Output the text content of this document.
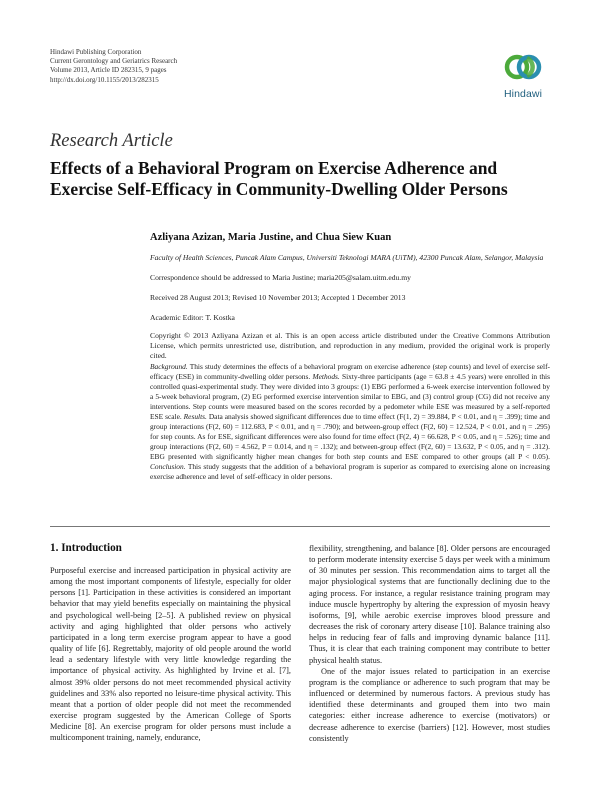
Hindawi Publishing Corporation
Current Gerontology and Geriatrics Research
Volume 2013, Article ID 282315, 9 pages
http://dx.doi.org/10.1155/2013/282315
Hindawi
Research Article
Effects of a Behavioral Program on Exercise Adherence and Exercise Self-Efficacy in Community-Dwelling Older Persons
Azliyana Azizan, Maria Justine, and Chua Siew Kuan
Faculty of Health Sciences, Puncak Alam Campus, Universiti Teknologi MARA (UiTM), 42300 Puncak Alam, Selangor, Malaysia
Correspondence should be addressed to Maria Justine; maria205@salam.uitm.edu.my
Received 28 August 2013; Revised 10 November 2013; Accepted 1 December 2013
Academic Editor: T. Kostka
Copyright © 2013 Azliyana Azizan et al. This is an open access article distributed under the Creative Commons Attribution License, which permits unrestricted use, distribution, and reproduction in any medium, provided the original work is properly cited.
Background. This study determines the effects of a behavioral program on exercise adherence (step counts) and level of exercise self-efficacy (ESE) in community-dwelling older persons. Methods. Sixty-three participants (age = 63.8 ± 4.5 years) were enrolled in this controlled quasi-experimental study. They were divided into 3 groups: (1) EBG performed a 6-week exercise intervention followed by a 5-week behavioral program, (2) EG performed exercise intervention similar to EBG, and (3) control group (CG) did not receive any interventions. Step counts were measured based on the scores recorded by a pedometer while ESE was measured by a self-reported ESE scale. Results. Data analysis showed significant differences due to time effect (F(1, 2) = 39.884, P < 0.01, and η = .399); time and group interactions (F(2, 60) = 112.683, P < 0.01, and η = .790); and between-group effect (F(2, 60) = 12.524, P < 0.01, and η = .295) for step counts. As for ESE, significant differences were also found for time effect (F(2, 4) = 66.628, P < 0.05, and η = .526); time and group interactions (F(2, 60) = 4.562, P = 0.014, and η = .132); and between-group effect (F(2, 60) = 13.632, P < 0.05, and η = .312). EBG presented with significantly higher mean changes for both step counts and ESE compared to other groups (all P < 0.05). Conclusion. This study suggests that the addition of a behavioral program is superior as compared to exercising alone on increasing exercise adherence and level of self-efficacy in older persons.
1. Introduction

Purposeful exercise and increased participation in physical activity are among the most important components of lifestyle, especially for older persons [1]. Participation in these activities is considered an important behavior that may yield benefits especially on maintaining the physical and psychological well-being [2–5]. A published review on physical activity and aging highlighted that older persons who actively participated in a long term exercise program appear to have a good quality of life [6]. Regrettably, majority of old people around the world lead a sedentary lifestyle with very little knowledge regarding the importance of physical activity. As highlighted by Irvine et al. [7], almost 39% older persons do not meet recommended physical activity guidelines and 33% also reported no leisure-time physical activity. This meant that a portion of older people did not meet the recommended exercise program suggested by the American College of Sports Medicine [8]. An exercise program for older persons must include a multicomponent training, namely, endurance,

flexibility, strengthening, and balance [8]. Older persons are encouraged to perform moderate intensity exercise 5 days per week with a minimum of 30 minutes per session. This recommendation aims to target all the major physiological systems that are functionally declining due to the aging process. For instance, a regular resistance training program may induce muscle hypertrophy by altering the expression of myosin heavy isoforms, [9], while aerobic exercise improves blood pressure and decreases the risk of coronary artery disease [10]. Balance training also helps in reducing fear of falls and improving dynamic balance [11]. Thus, it is clear that each training component may contribute to better physical health status.

One of the major issues related to participation in an exercise program is the compliance or adherence to such program that may be influenced or determined by numerous factors. A previous study has identified these determinants and grouped them into two main categories: either increase adherence to exercise (motivators) or decrease adherence to exercise (barriers) [12]. However, most studies consistently
